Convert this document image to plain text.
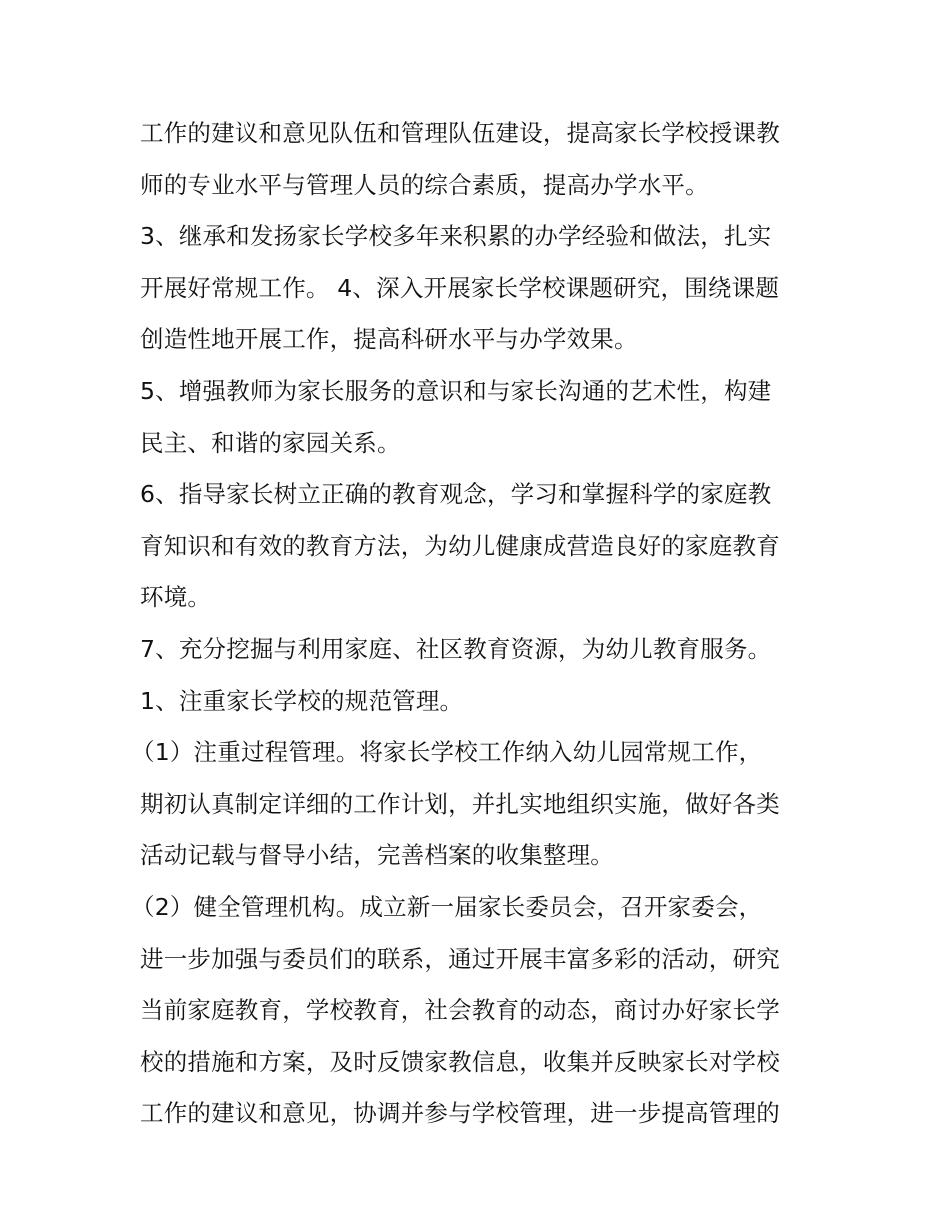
工作的建议和意见队伍和管理队伍建设，提高家长学校授课教
师的专业水平与管理人员的综合素质，提高办学水平。
3、继承和发扬家长学校多年来积累的办学经验和做法，扎实
开展好常规工作。 4、深入开展家长学校课题研究，围绕课题
创造性地开展工作，提高科研水平与办学效果。
5、增强教师为家长服务的意识和与家长沟通的艺术性，构建
民主、和谐的家园关系。
6、指导家长树立正确的教育观念，学习和掌握科学的家庭教
育知识和有效的教育方法，为幼儿健康成营造良好的家庭教育
环境。
7、充分挖掘与利用家庭、社区教育资源，为幼儿教育服务。
1、注重家长学校的规范管理。
（1）注重过程管理。将家长学校工作纳入幼儿园常规工作，
期初认真制定详细的工作计划，并扎实地组织实施，做好各类
活动记载与督导小结，完善档案的收集整理。
（2）健全管理机构。成立新一届家长委员会，召开家委会，
进一步加强与委员们的联系，通过开展丰富多彩的活动，研究
当前家庭教育，学校教育，社会教育的动态，商讨办好家长学
校的措施和方案，及时反馈家教信息，收集并反映家长对学校
工作的建议和意见，协调并参与学校管理，进一步提高管理的
